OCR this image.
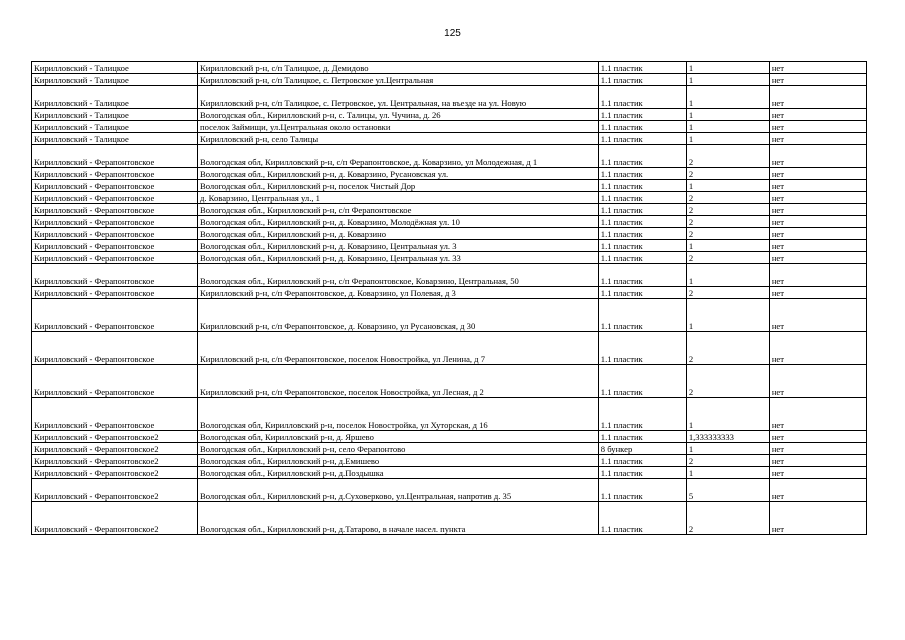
125
Кирилловский - Талицкое	Кирилловский р-н, с/п Талицкое, д. Демидово	1.1 пластик	1	нет
Кирилловский - Талицкое	Кирилловский р-н, с/п Талицкое, с. Петровское ул.Центральная	1.1 пластик	1	нет
Кирилловский - Талицкое	Кирилловский р-н, с/п Талицкое, с. Петровское, ул. Центральная, на въезде на ул. Новую	1.1 пластик	1	нет
Кирилловский - Талицкое	Вологодская обл., Кирилловский р-н, с. Талицы, ул. Чучина, д. 26	1.1 пластик	1	нет
Кирилловский - Талицкое	поселок Займищи, ул.Центральная около остановки	1.1 пластик	1	нет
Кирилловский - Талицкое	Кирилловский р-н, село Талицы	1.1 пластик	1	нет
Кирилловский - Ферапонтовское	Вологодская обл, Кирилловский р-н, с/п Ферапонтовское, д. Коварзино, ул Молодежная, д 1	1.1 пластик	2	нет
Кирилловский - Ферапонтовское	Вологодская обл., Кирилловский р-н, д. Коварзино, Русановская ул.	1.1 пластик	2	нет
Кирилловский - Ферапонтовское	Вологодская обл., Кирилловский р-н, поселок Чистый Дор	1.1 пластик	1	нет
Кирилловский - Ферапонтовское	д. Коварзино, Центральная ул., 1	1.1 пластик	2	нет
Кирилловский - Ферапонтовское	Вологодская обл., Кирилловский р-н, с/п Ферапонтовское	1.1 пластик	2	нет
Кирилловский - Ферапонтовское	Вологодская обл., Кирилловский р-н, д. Коварзино, Молодёжная ул. 10	1.1 пластик	2	нет
Кирилловский - Ферапонтовское	Вологодская обл., Кирилловский р-н, д. Коварзино	1.1 пластик	2	нет
Кирилловский - Ферапонтовское	Вологодская обл., Кирилловский р-н, д. Коварзино, Центральная ул. 3	1.1 пластик	1	нет
Кирилловский - Ферапонтовское	Вологодская обл., Кирилловский р-н, д. Коварзино, Центральная ул. 33	1.1 пластик	2	нет
Кирилловский - Ферапонтовское	Вологодская обл., Кирилловский р-н, с/п Ферапонтовское, Коварзино, Центральная, 50	1.1 пластик	1	нет
Кирилловский - Ферапонтовское	Кирилловский р-н, с/п Ферапонтовское, д. Коварзино, ул Полевая, д 3	1.1 пластик	2	нет
Кирилловский - Ферапонтовское	Кирилловский р-н, с/п Ферапонтовское, д. Коварзино, ул Русановская, д 30	1.1 пластик	1	нет
Кирилловский - Ферапонтовское	Кирилловский р-н, с/п Ферапонтовское, поселок Новостройка, ул Ленина, д 7	1.1 пластик	2	нет
Кирилловский - Ферапонтовское	Кирилловский р-н, с/п Ферапонтовское, поселок Новостройка, ул Лесная, д 2	1.1 пластик	2	нет
Кирилловский - Ферапонтовское	Вологодская обл, Кирилловский р-н, поселок Новостройка, ул Хуторская, д 16	1.1 пластик	1	нет
Кирилловский - Ферапонтовское2	Вологодская обл, Кирилловский р-н, д. Яршево	1.1 пластик	1,333333333	нет
Кирилловский - Ферапонтовское2	Вологодская обл., Кирилловский р-н, село Ферапонтово	8 бункер	1	нет
Кирилловский - Ферапонтовское2	Вологодская обл., Кирилловский р-н, д.Емишево	1.1 пластик	2	нет
Кирилловский - Ферапонтовское2	Вологодская обл., Кирилловский р-н, д.Поздышка	1.1 пластик	1	нет
Кирилловский - Ферапонтовское2	Вологодская обл., Кирилловский р-н, д.Суховерково, ул.Центральная, напротив д. 35	1.1 пластик	5	нет
Кирилловский - Ферапонтовское2	Вологодская обл., Кирилловский р-н, д.Татарово, в начале насел. пункта	1.1 пластик	2	нет
